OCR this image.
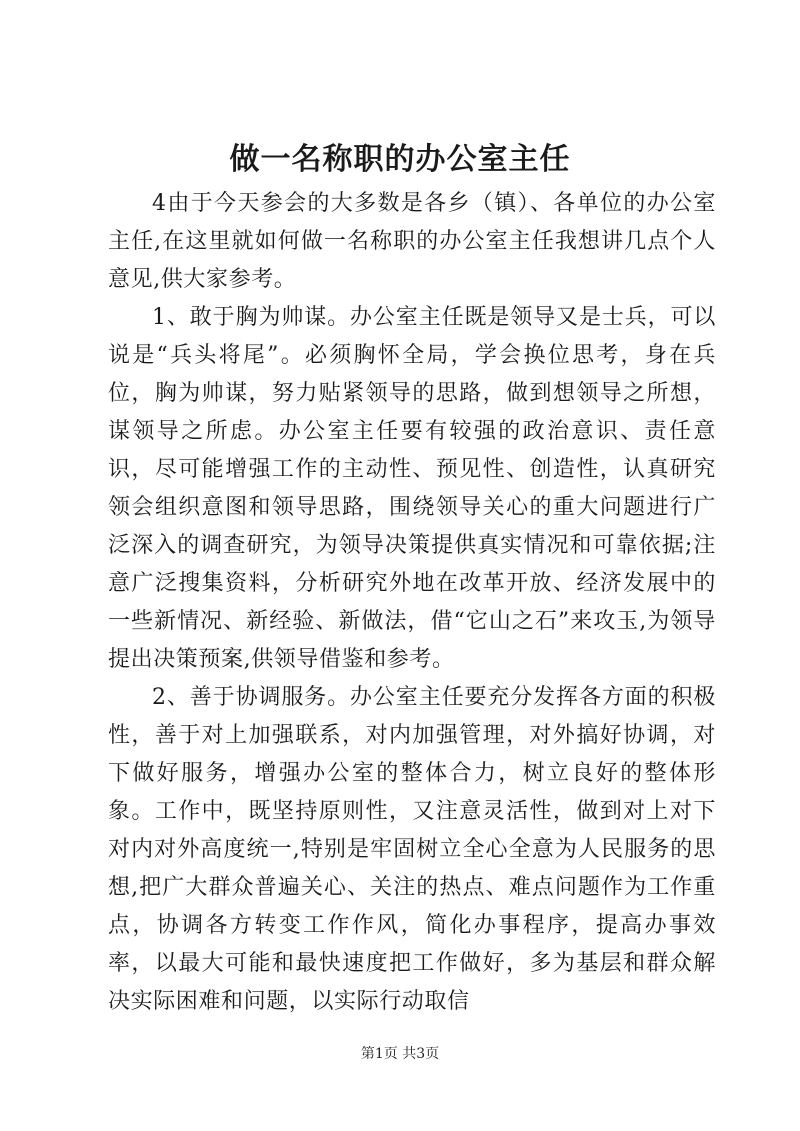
做一名称职的办公室主任

4由于今天参会的大多数是各乡（镇）、各单位的办公室主任,在这里就如何做一名称职的办公室主任我想讲几点个人意见,供大家参考。

1、敢于胸为帅谋。办公室主任既是领导又是士兵，可以说是“兵头将尾”。必须胸怀全局，学会换位思考，身在兵位，胸为帅谋，努力贴紧领导的思路，做到想领导之所想，谋领导之所虑。办公室主任要有较强的政治意识、责任意识，尽可能增强工作的主动性、预见性、创造性，认真研究领会组织意图和领导思路，围绕领导关心的重大问题进行广泛深入的调查研究，为领导决策提供真实情况和可靠依据;注意广泛搜集资料，分析研究外地在改革开放、经济发展中的一些新情况、新经验、新做法，借“它山之石”来攻玉,为领导提出决策预案,供领导借鉴和参考。

2、善于协调服务。办公室主任要充分发挥各方面的积极性，善于对上加强联系，对内加强管理，对外搞好协调，对下做好服务，增强办公室的整体合力，树立良好的整体形象。工作中，既坚持原则性，又注意灵活性，做到对上对下对内对外高度统一,特别是牢固树立全心全意为人民服务的思想,把广大群众普遍关心、关注的热点、难点问题作为工作重点，协调各方转变工作作风，简化办事程序，提高办事效率，以最大可能和最快速度把工作做好，多为基层和群众解决实际困难和问题，以实际行动取信

第1页 共3页
